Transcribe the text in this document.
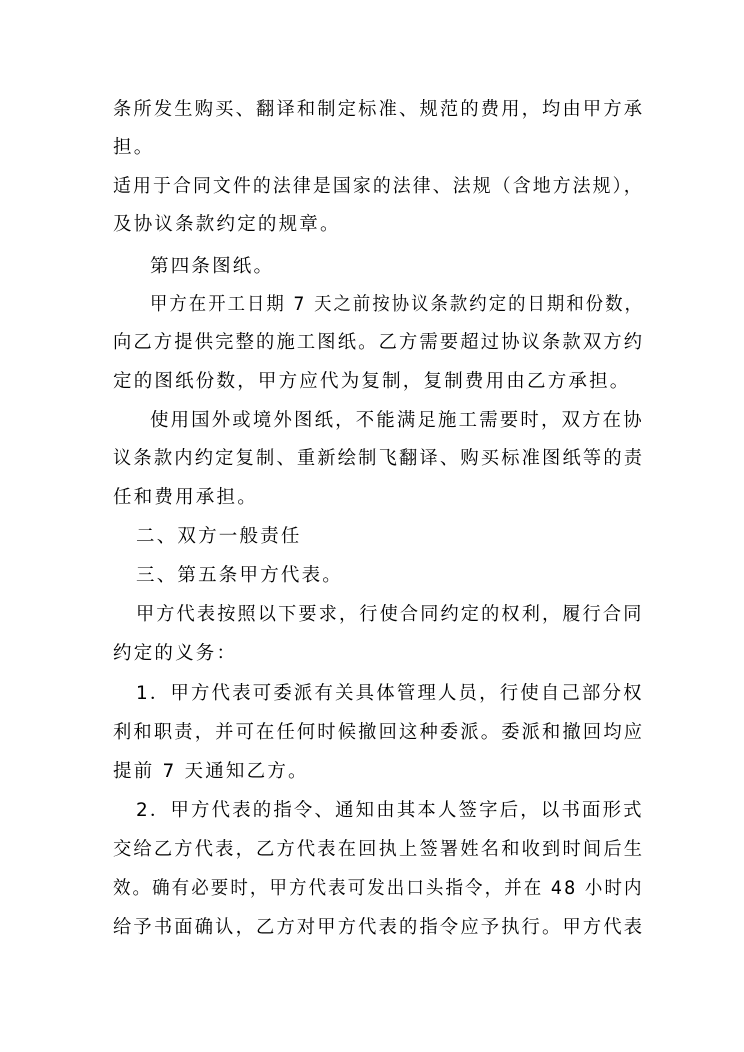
条所发生购买、翻译和制定标准、规范的费用，均由甲方承
担。
适用于合同文件的法律是国家的法律、法规（含地方法规），
及协议条款约定的规章。
第四条图纸。
甲方在开工日期 7 天之前按协议条款约定的日期和份数，
向乙方提供完整的施工图纸。乙方需要超过协议条款双方约
定的图纸份数，甲方应代为复制，复制费用由乙方承担。
使用国外或境外图纸，不能满足施工需要时，双方在协
议条款内约定复制、重新绘制飞翻译、购买标准图纸等的责
任和费用承担。
二、双方一般责任
三、第五条甲方代表。
甲方代表按照以下要求，行使合同约定的权利，履行合同
约定的义务：
1．甲方代表可委派有关具体管理人员，行使自己部分权
利和职责，并可在任何时候撤回这种委派。委派和撤回均应
提前 7 天通知乙方。
2．甲方代表的指令、通知由其本人签字后，以书面形式
交给乙方代表，乙方代表在回执上签署姓名和收到时间后生
效。确有必要时，甲方代表可发出口头指令，并在 48 小时内
给予书面确认，乙方对甲方代表的指令应予执行。甲方代表
